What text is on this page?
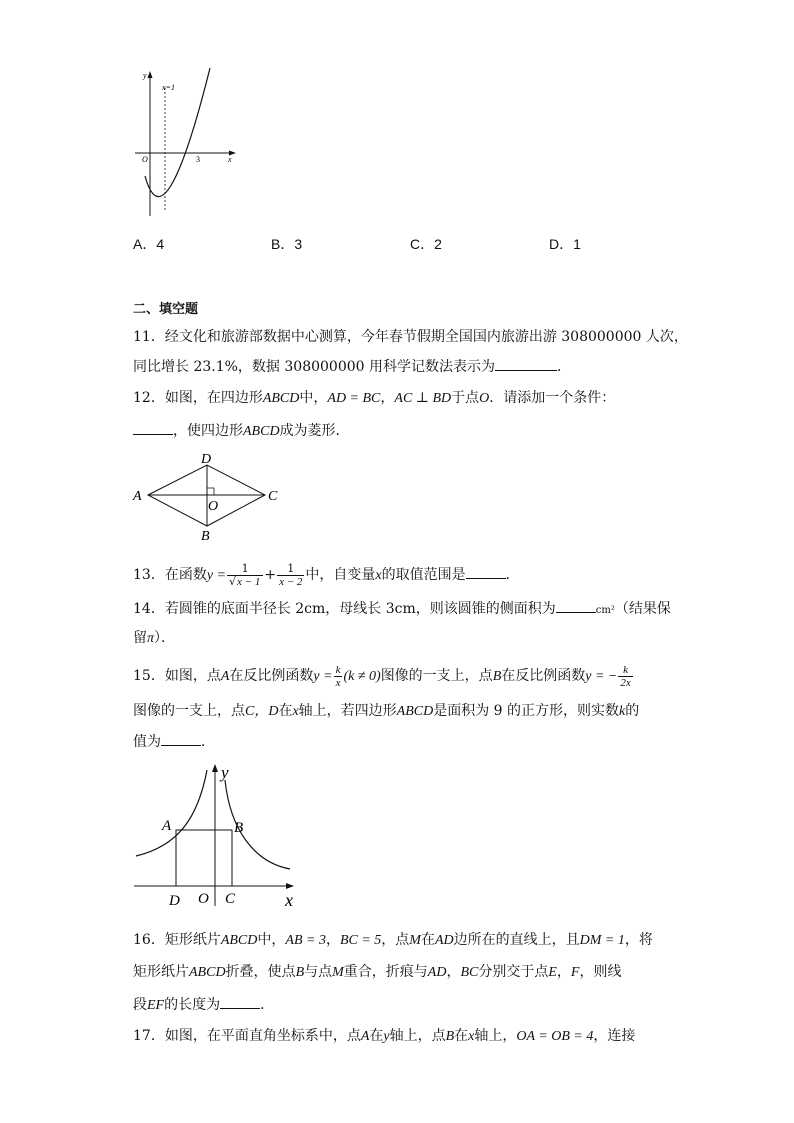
y
x=1
O	3	x
A．4	B．3	C．2	D．1
二、填空题
11．经文化和旅游部数据中心测算，今年春节假期全国国内旅游出游 308000000 人次，
同比增长 23.1%，数据 308000000 用科学记数法表示为	．
12．如图，在四边形ABCD中，AD = BC，AC ⊥ BD于点O．请添加一个条件：
，使四边形ABCD成为菱形．
A
D
C
O
B
13．在函数$y = \frac{1}{√x - 1} + \frac{1}{x - 2}$ 中，自变量x的取值范围是	．
14．若圆锥的底面半径长 2cm，母线长 3cm，则该圆锥的侧面积为	cm²（结果保
留π）．
15．如图，点A在反比例函数$y = \frac{k}{x} (k \ne 0)$图像的一支上，点B在反比例函数y = − $\frac{k}{2x}$
图像的一支上，点C，D在x轴上，若四边形ABCD是面积为 9 的正方形，则实数k的
值为	．
y
x
A	B
D O C
16．矩形纸片ABCD中，AB = 3，BC = 5，点M在AD边所在的直线上，且DM = 1，将
矩形纸片ABCD折叠，使点B与点M重合，折痕与AD，BC分别交于点E，F，则线
段EF的长度为	．
17．如图，在平面直角坐标系中，点A在y轴上，点B在x轴上，OA = OB = 4，连接
